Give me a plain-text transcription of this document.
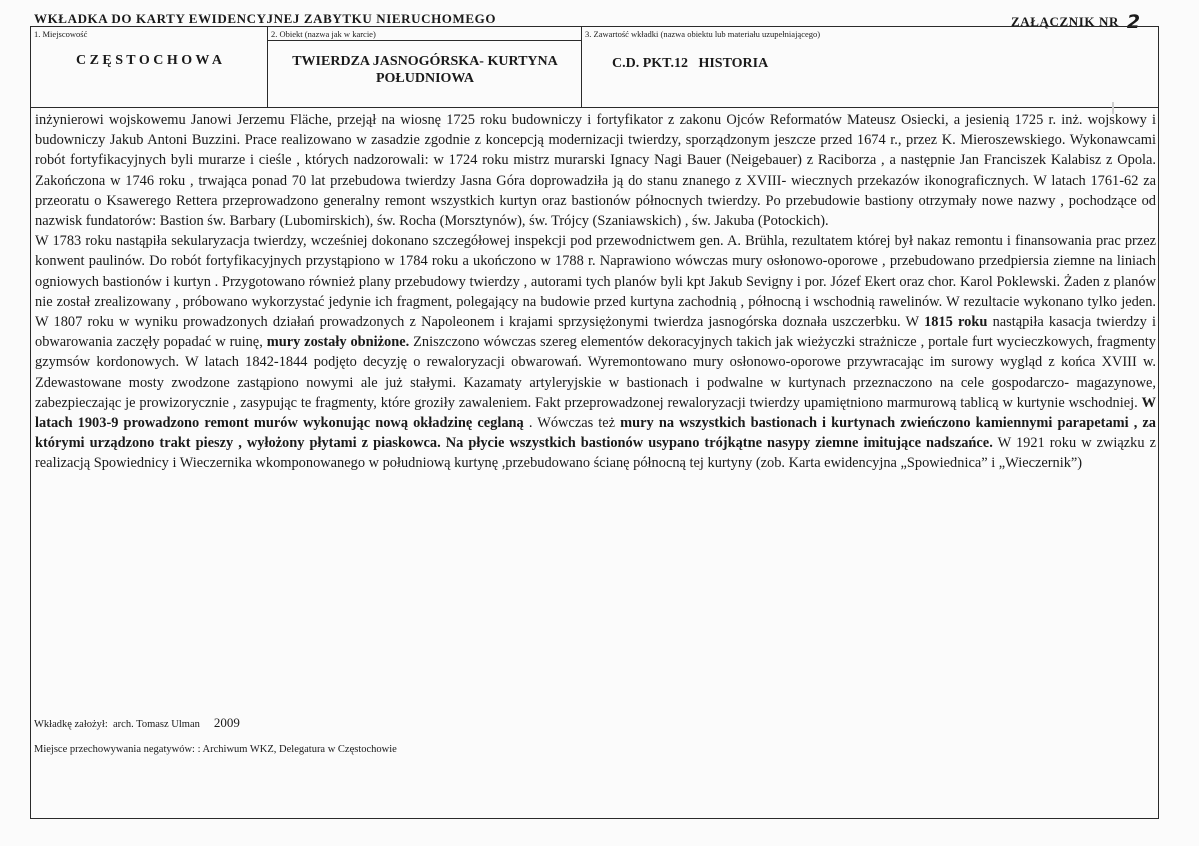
WKŁADKA DO KARTY EWIDENCYJNEJ ZABYTKU NIERUCHOMEGO	ZAŁĄCZNIK NR 2
1. Miejscowość
C Z Ę S T O C H O W A
2. Obiekt (nazwa jak w karcie)
TWIERDZA JASNOGÓRSKA- KURTYNA
POŁUDNIOWA
3. Zawartość wkładki (nazwa obiektu lub materiału uzupełniającego)
C.D. PKT.12   HISTORIA

inżynierowi wojskowemu Janowi Jerzemu Fläche, przejął na wiosnę 1725 roku budowniczy i fortyfikator z zakonu Ojców Reformatów Mateusz Osiecki, a jesienią 1725 r. inż. wojskowy i budowniczy Jakub Antoni Buzzini. Prace realizowano w zasadzie zgodnie z koncepcją modernizacji twierdzy, sporządzonym jeszcze przed 1674 r., przez K. Mieroszewskiego. Wykonawcami robót fortyfikacyjnych byli murarze i cieśle , których nadzorowali: w 1724 roku mistrz murarski Ignacy Nagi Bauer (Neigebauer) z Raciborza , a następnie Jan Franciszek Kalabisz z Opola. Zakończona w 1746 roku , trwająca ponad 70 lat przebudowa twierdzy Jasna Góra doprowadziła ją do stanu znanego z XVIII- wiecznych przekazów ikonograficznych. W latach 1761-62 za przeoratu o Ksawerego Rettera przeprowadzono generalny remont wszystkich kurtyn oraz bastionów północnych twierdzy. Po przebudowie bastiony otrzymały nowe nazwy , pochodzące od nazwisk fundatorów: Bastion św. Barbary (Lubomirskich), św. Rocha (Morsztynów), św. Trójcy (Szaniawskich) , św. Jakuba (Potockich).

W 1783 roku nastąpiła sekularyzacja twierdzy, wcześniej dokonano szczegółowej inspekcji pod przewodnictwem gen. A. Brühla, rezultatem której był nakaz remontu i finansowania prac przez konwent paulinów. Do robót fortyfikacyjnych przystąpiono w 1784 roku a ukończono w 1788 r. Naprawiono wówczas mury osłonowo-oporowe , przebudowano przedpiersia ziemne na liniach ogniowych bastionów i kurtyn . Przygotowano również plany przebudowy twierdzy , autorami tych planów byli kpt Jakub Sevigny i por. Józef Ekert oraz chor. Karol Poklewski. Żaden z planów nie został zrealizowany , próbowano wykorzystać jedynie ich fragment, polegający na budowie przed kurtyna zachodnią , północną i wschodnią rawelinów. W rezultacie wykonano tylko jeden. W 1807 roku w wyniku prowadzonych działań prowadzonych z Napoleonem i krajami sprzysiężonymi twierdza jasnogórska doznała uszczerbku. W 1815 roku nastąpiła kasacja twierdzy i obwarowania zaczęły popadać w ruinę, mury zostały obniżone. Zniszczono wówczas szereg elementów dekoracyjnych takich jak wieżyczki strażnicze , portale furt wycieczkowych, fragmenty gzymsów kordonowych. W latach 1842-1844 podjęto decyzję o rewaloryzacji obwarowań. Wyremontowano mury osłonowo-oporowe przywracając im surowy wygląd z końca XVIII w. Zdewastowane mosty zwodzone zastąpiono nowymi ale już stałymi. Kazamaty artyleryjskie w bastionach i podwalne w kurtynach przeznaczono na cele gospodarczo- magazynowe, zabezpieczając je prowizorycznie , zasypując te fragmenty, które groziły zawaleniem. Fakt przeprowadzonej rewaloryzacji twierdzy upamiętniono marmurową tablicą w kurtynie wschodniej. W latach 1903-9 prowadzono remont murów wykonując nową okładzinę ceglaną . Wówczas też mury na wszystkich bastionach i kurtynach zwieńczono kamiennymi parapetami , za którymi urządzono trakt pieszy , wyłożony płytami z piaskowca. Na płycie wszystkich bastionów usypano trójkątne nasypy ziemne imitujące nadszańce. W 1921 roku w związku z realizacją Spowiednicy i Wieczernika wkomponowanego w południową kurtynę ,przebudowano ścianę północną tej kurtyny (zob. Karta ewidencyjna „Spowiednica” i „Wieczernik”)

Wkładkę założył: arch. Tomasz Ulman 2009
Miejsce przechowywania negatywów: : Archiwum WKZ, Delegatura w Częstochowie
